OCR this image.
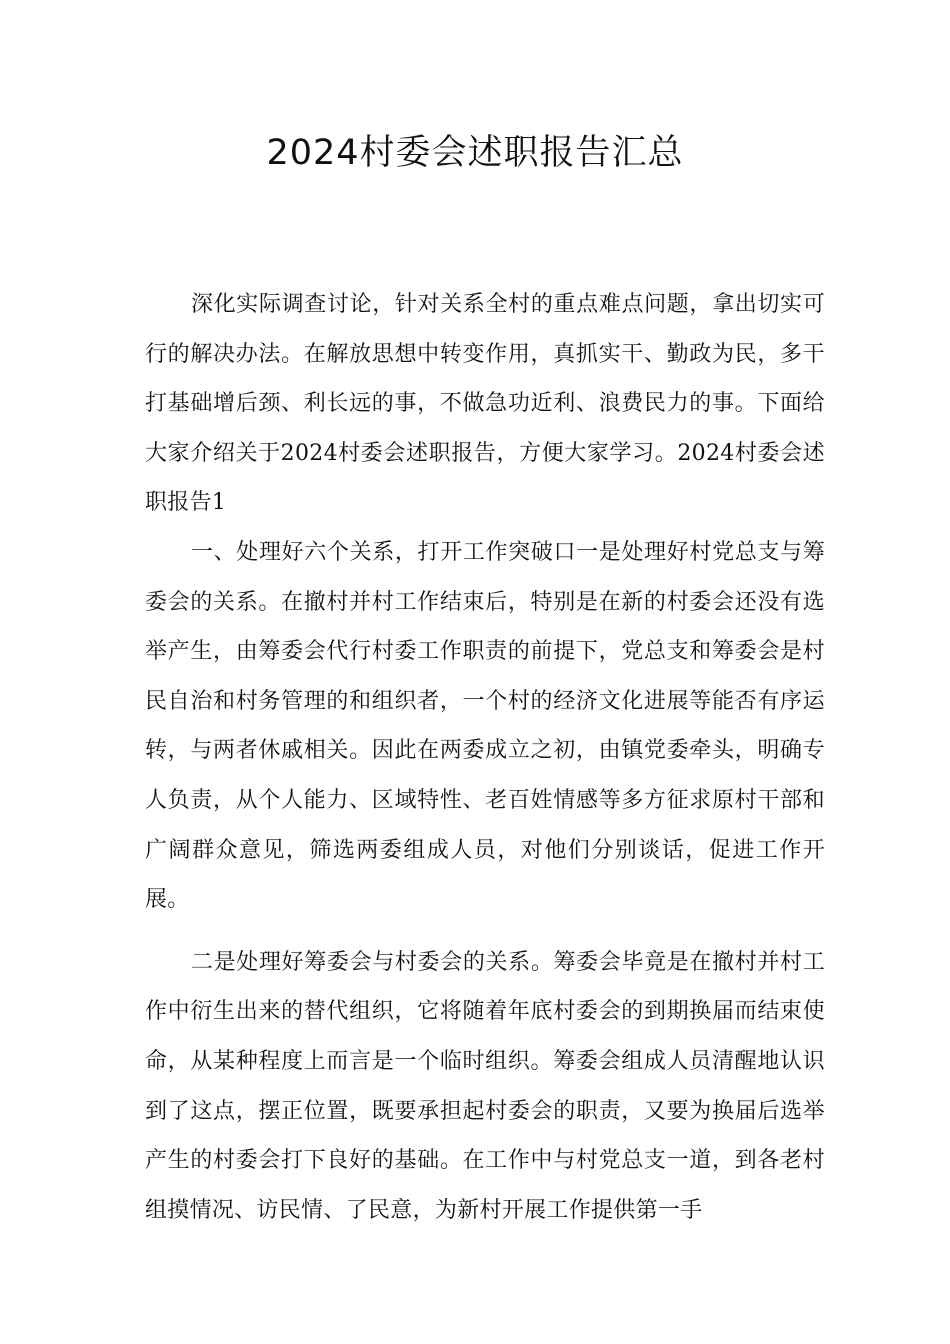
2024村委会述职报告汇总

深化实际调查讨论，针对关系全村的重点难点问题，拿出切实可行的解决办法。在解放思想中转变作用，真抓实干、勤政为民，多干打基础增后颈、利长远的事，不做急功近利、浪费民力的事。下面给大家介绍关于2024村委会述职报告，方便大家学习。2024村委会述职报告1

一、处理好六个关系，打开工作突破口一是处理好村党总支与筹委会的关系。在撤村并村工作结束后，特别是在新的村委会还没有选举产生，由筹委会代行村委工作职责的前提下，党总支和筹委会是村民自治和村务管理的和组织者，一个村的经济文化进展等能否有序运转，与两者休戚相关。因此在两委成立之初，由镇党委牵头，明确专人负责，从个人能力、区域特性、老百姓情感等多方征求原村干部和广阔群众意见，筛选两委组成人员，对他们分别谈话，促进工作开展。

二是处理好筹委会与村委会的关系。筹委会毕竟是在撤村并村工作中衍生出来的替代组织，它将随着年底村委会的到期换届而结束使命，从某种程度上而言是一个临时组织。筹委会组成人员清醒地认识到了这点，摆正位置，既要承担起村委会的职责，又要为换届后选举产生的村委会打下良好的基础。在工作中与村党总支一道，到各老村组摸情况、访民情、了民意，为新村开展工作提供第一手
